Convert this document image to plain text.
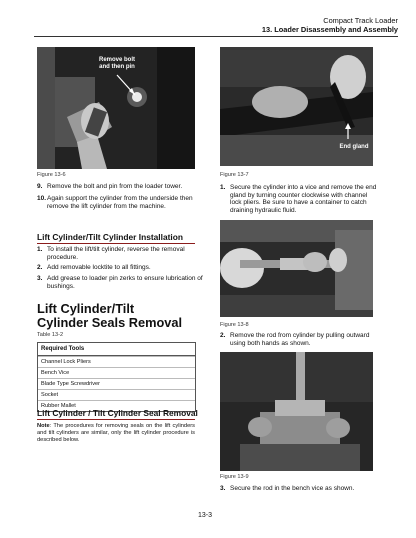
Compact Track Loader
13. Loader Disassembly and Assembly
Remove bolt and then pin
Figure 13-6
9. Remove the bolt and pin from the loader tower.
10. Again support the cylinder from the underside then remove the lift cylinder from the machine.
Lift Cylinder/Tilt Cylinder Installation
1. To install the lift/tilt cylinder, reverse the removal procedure.
2. Add removable locktite to all fittings.
3. Add grease to loader pin zerks to ensure lubrication of bushings.
Lift Cylinder/Tilt Cylinder Seals Removal
Table 13-2
Required Tools
Channel Lock Pliers
Bench Vice
Blade Type Screwdriver
Socket
Rubber Mallet
Lift Cylinder / Tilt Cylinder Seal Removal
Note: The procedures for removing seals on the lift cylinders and tilt cylinders are similar, only the lift cylinder procedure is described below.
End gland
Figure 13-7
1. Secure the cylinder into a vice and remove the end gland by turning counter clockwise with channel lock pliers. Be sure to have a container to catch draining hydraulic fluid.
Figure 13-8
2. Remove the rod from cylinder by pulling outward using both hands as shown.
Figure 13-9
3. Secure the rod in the bench vice as shown.
13-3
